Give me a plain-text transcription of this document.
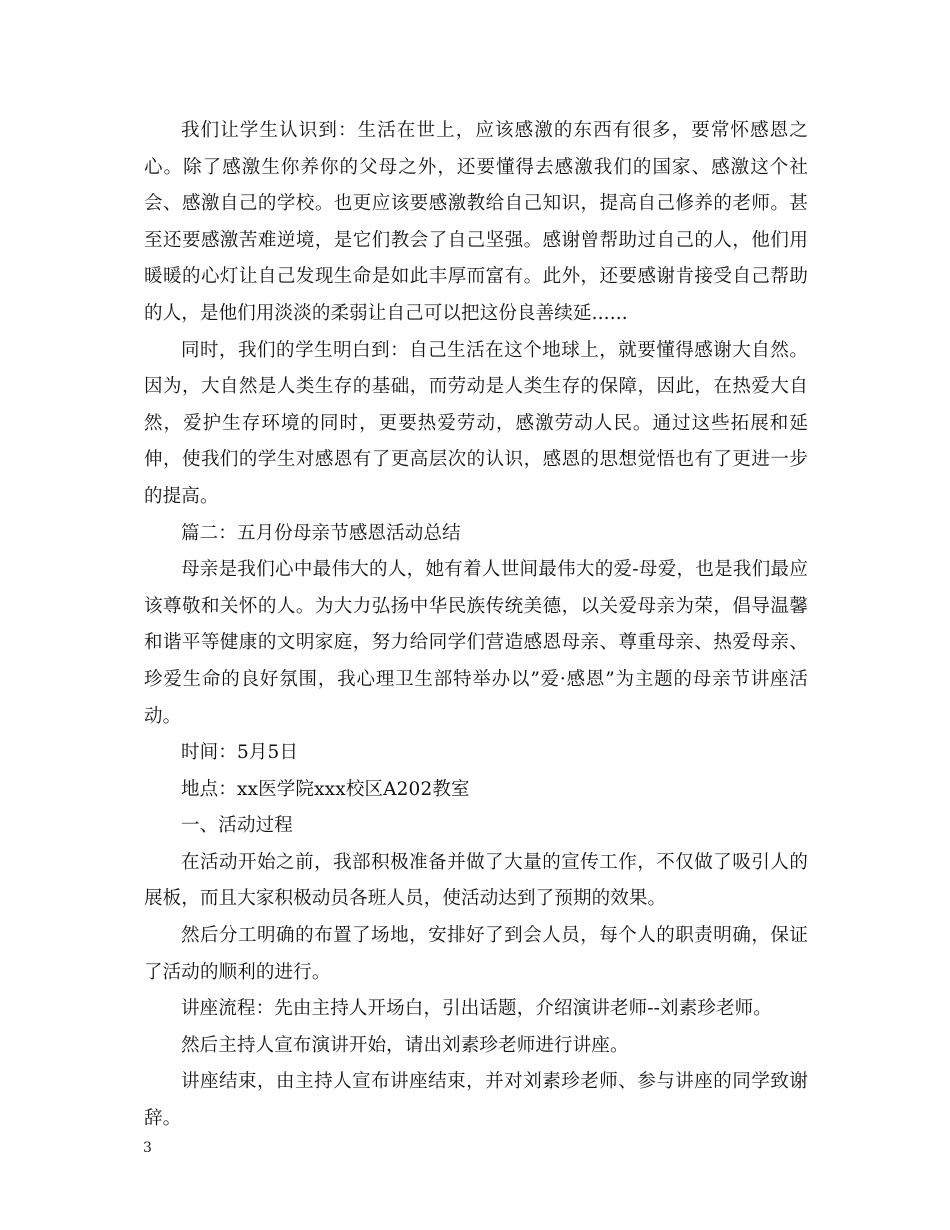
我们让学生认识到：生活在世上，应该感激的东西有很多，要常怀感恩之心。除了感激生你养你的父母之外，还要懂得去感激我们的国家、感激这个社会、感激自己的学校。也更应该要感激教给自己知识，提高自己修养的老师。甚至还要感激苦难逆境，是它们教会了自己坚强。感谢曾帮助过自己的人，他们用暖暖的心灯让自己发现生命是如此丰厚而富有。此外，还要感谢肯接受自己帮助的人，是他们用淡淡的柔弱让自己可以把这份良善续延......

同时，我们的学生明白到：自己生活在这个地球上，就要懂得感谢大自然。因为，大自然是人类生存的基础，而劳动是人类生存的保障，因此，在热爱大自然，爱护生存环境的同时，更要热爱劳动，感激劳动人民。通过这些拓展和延伸，使我们的学生对感恩有了更高层次的认识，感恩的思想觉悟也有了更进一步的提高。

篇二：五月份母亲节感恩活动总结

母亲是我们心中最伟大的人，她有着人世间最伟大的爱-母爱，也是我们最应该尊敬和关怀的人。为大力弘扬中华民族传统美德，以关爱母亲为荣，倡导温馨和谐平等健康的文明家庭，努力给同学们营造感恩母亲、尊重母亲、热爱母亲、珍爱生命的良好氛围，我心理卫生部特举办以”爱·感恩”为主题的母亲节讲座活动。

时间：5月5日

地点：xx医学院xxx校区A202教室

一、活动过程

在活动开始之前，我部积极准备并做了大量的宣传工作，不仅做了吸引人的展板，而且大家积极动员各班人员，使活动达到了预期的效果。

然后分工明确的布置了场地，安排好了到会人员，每个人的职责明确，保证了活动的顺利的进行。

讲座流程：先由主持人开场白，引出话题，介绍演讲老师--刘素珍老师。

然后主持人宣布演讲开始，请出刘素珍老师进行讲座。

讲座结束，由主持人宣布讲座结束，并对刘素珍老师、参与讲座的同学致谢辞。

3
